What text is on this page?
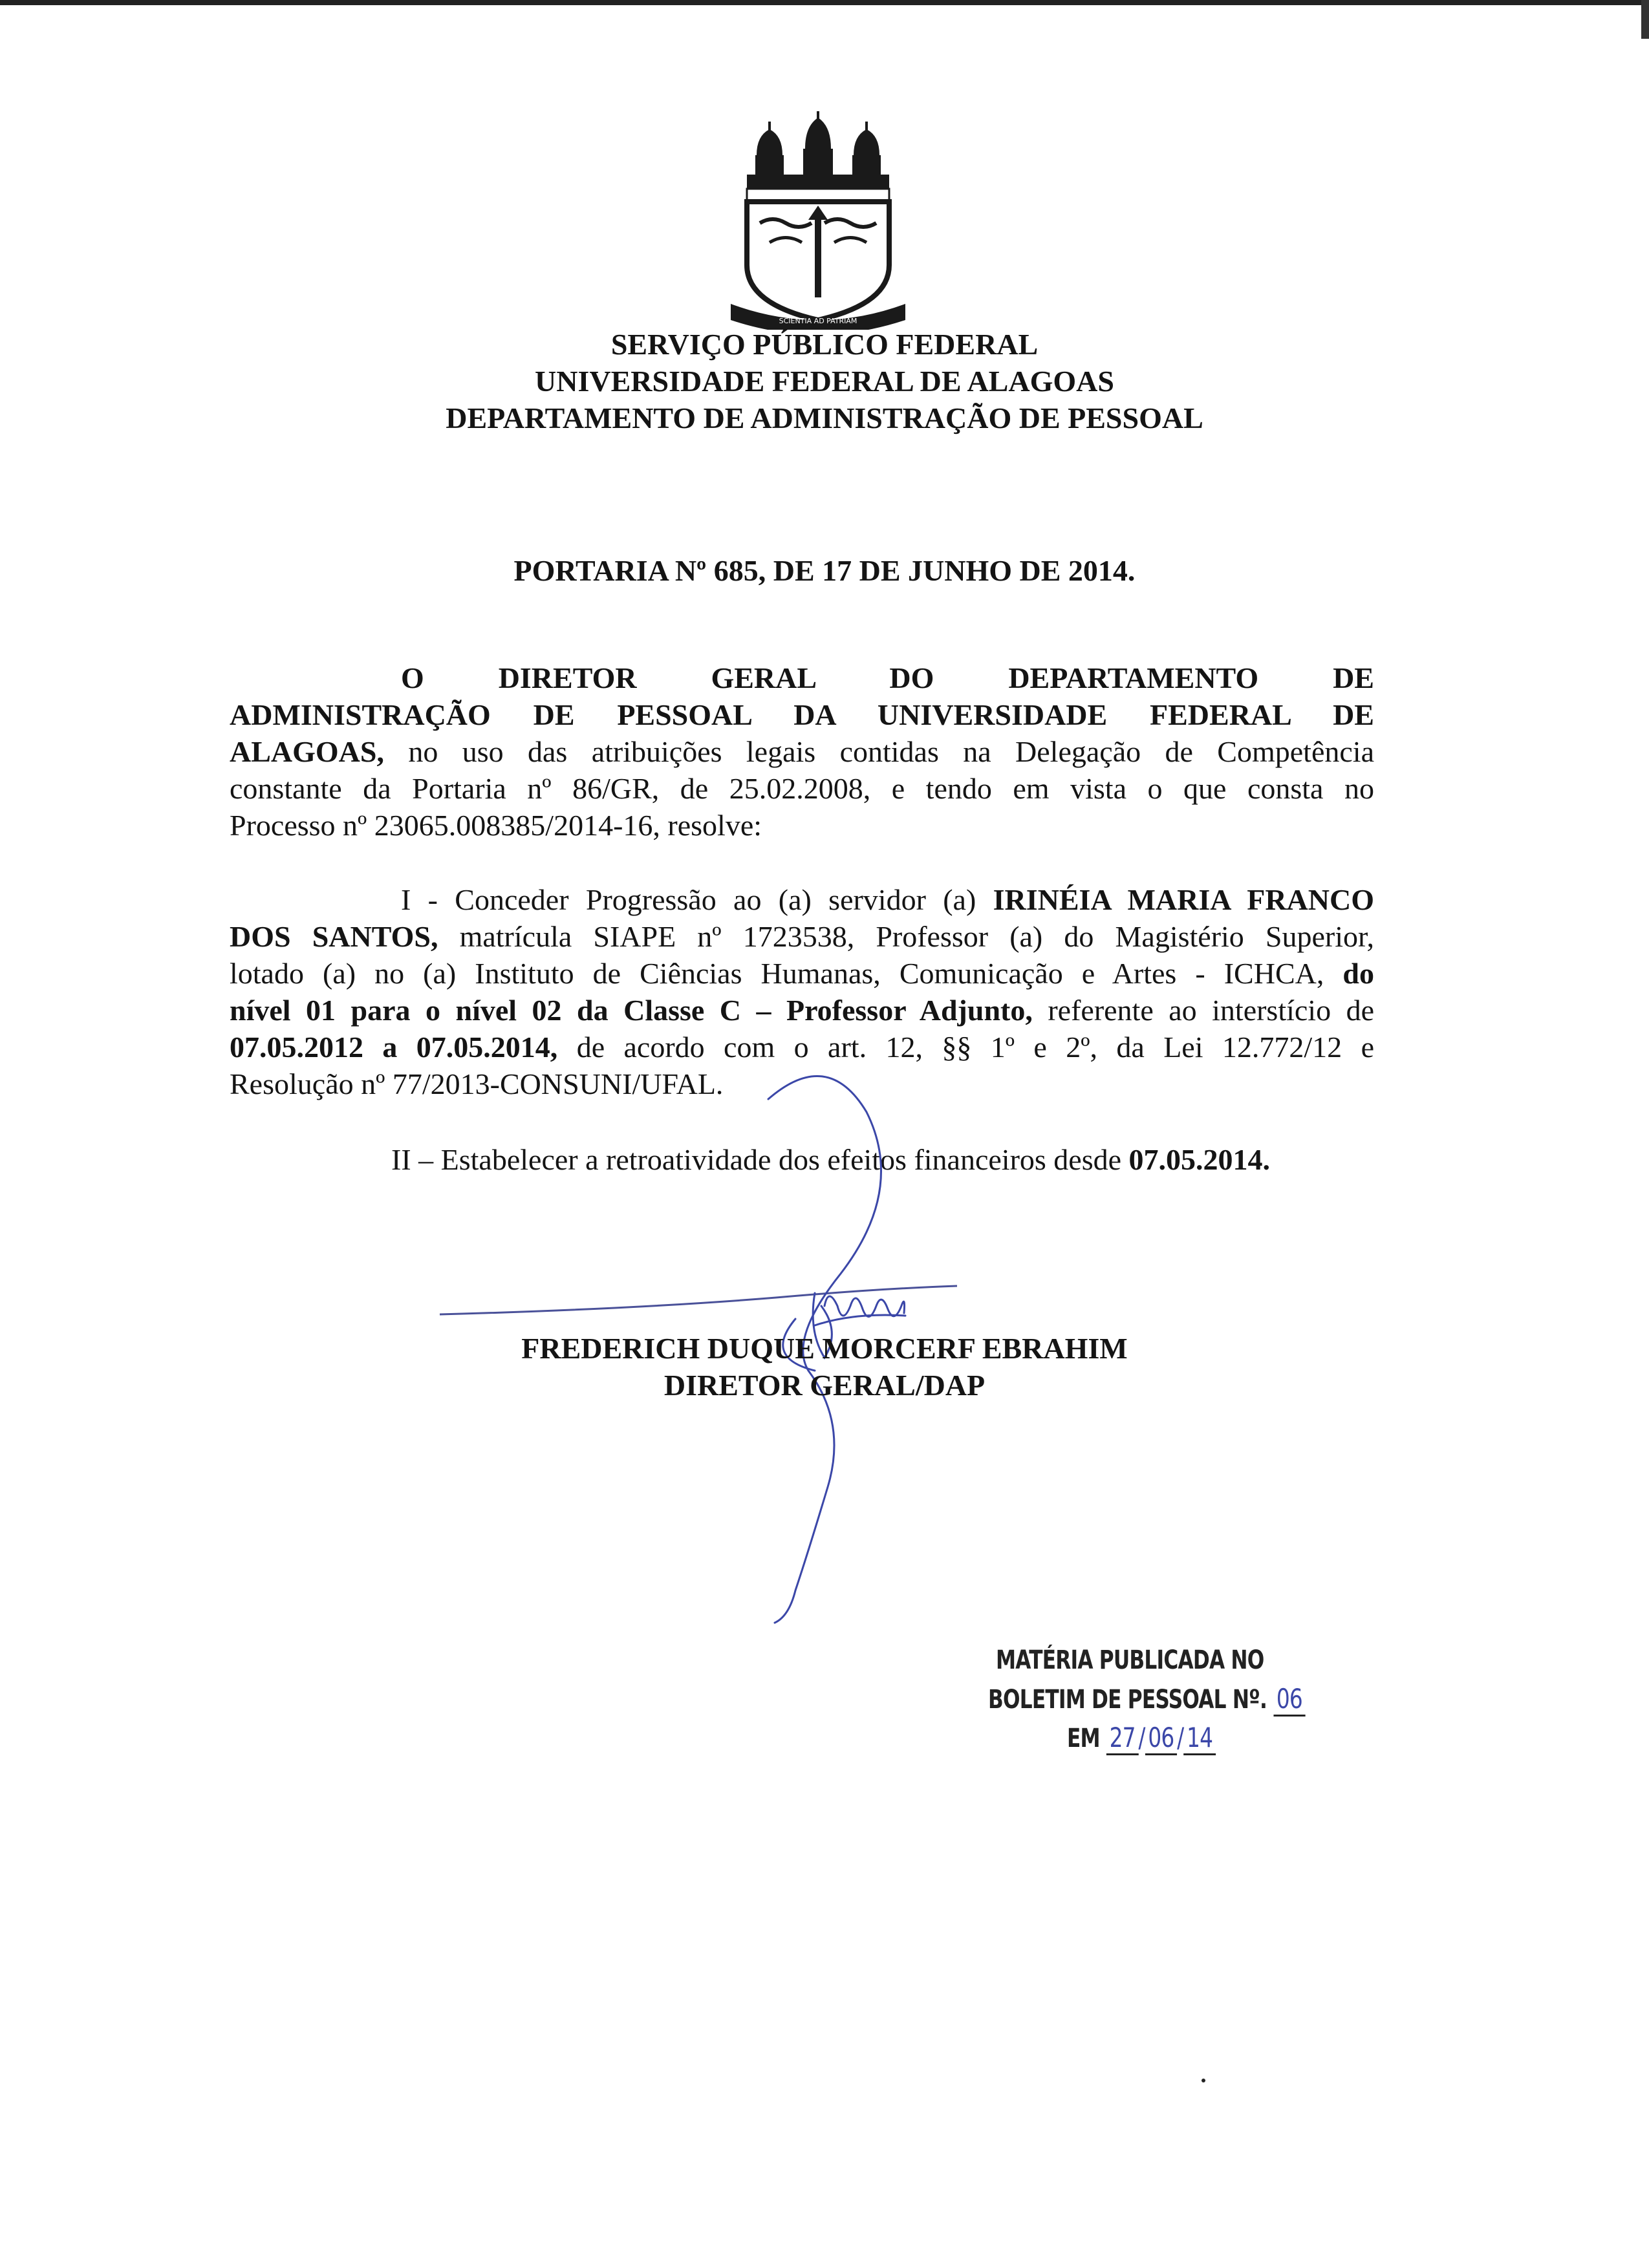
SCIENTIA AD PATRIAM

SERVIÇO PÚBLICO FEDERAL

UNIVERSIDADE FEDERAL DE ALAGOAS

DEPARTAMENTO DE ADMINISTRAÇÃO DE PESSOAL

PORTARIA Nº 685, DE 17 DE JUNHO DE 2014.

O DIRETOR GERAL DO DEPARTAMENTO DE
ADMINISTRAÇÃO DE PESSOAL DA UNIVERSIDADE FEDERAL DE
ALAGOAS, no uso das atribuições legais contidas na Delegação de Competência
constante da Portaria nº 86/GR, de 25.02.2008, e tendo em vista o que consta no
Processo nº 23065.008385/2014-16, resolve:
I - Conceder Progressão ao (a) servidor (a) IRINÉIA MARIA FRANCO
DOS SANTOS, matrícula SIAPE nº 1723538, Professor (a) do Magistério Superior,
lotado (a) no (a) Instituto de Ciências Humanas, Comunicação e Artes - ICHCA, do
nível 01 para o nível 02 da Classe C – Professor Adjunto, referente ao interstício de
07.05.2012 a 07.05.2014, de acordo com o art. 12, §§ 1º e 2º, da Lei 12.772/12 e
Resolução nº 77/2013-CONSUNI/UFAL.

II – Estabelecer a retroatividade dos efeitos financeiros desde 07.05.2014.

FREDERICH DUQUE MORCERF EBRAHIM

DIRETOR GERAL/DAP

MATÉRIA PUBLICADA NO
BOLETIM DE PESSOAL Nº. 06
EM 27 / 06 / 14
